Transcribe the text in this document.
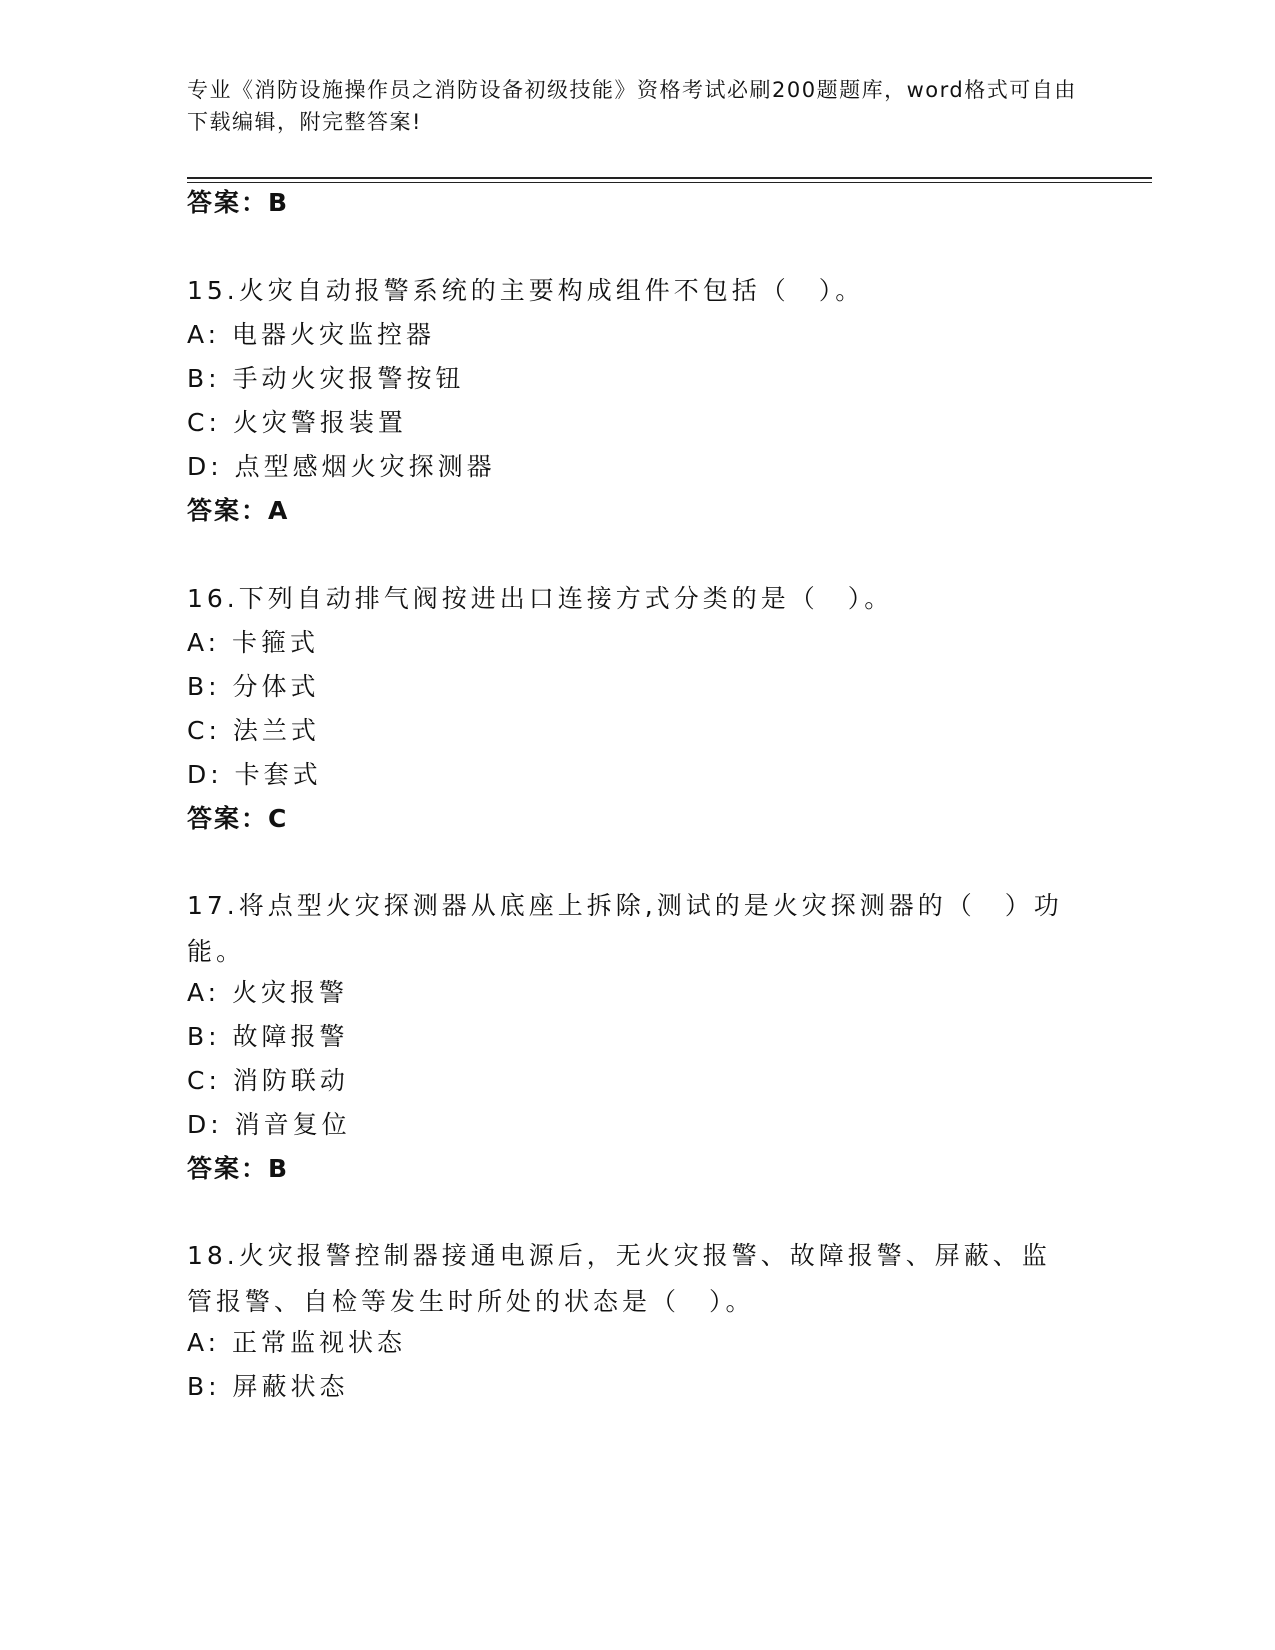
专业《消防设施操作员之消防设备初级技能》资格考试必刷200题题库，word格式可自由下载编辑，附完整答案!

答案：B

15.火灾自动报警系统的主要构成组件不包括（　）。

A: 电器火灾监控器

B: 手动火灾报警按钮

C: 火灾警报装置

D: 点型感烟火灾探测器

答案：A

16.下列自动排气阀按进出口连接方式分类的是（　）。

A: 卡箍式

B: 分体式

C: 法兰式

D: 卡套式

答案：C

17.将点型火灾探测器从底座上拆除,测试的是火灾探测器的（　）功能。

A: 火灾报警

B: 故障报警

C: 消防联动

D: 消音复位

答案：B

18.火灾报警控制器接通电源后，无火灾报警、故障报警、屏蔽、监管报警、自检等发生时所处的状态是（　）。

A: 正常监视状态

B: 屏蔽状态
